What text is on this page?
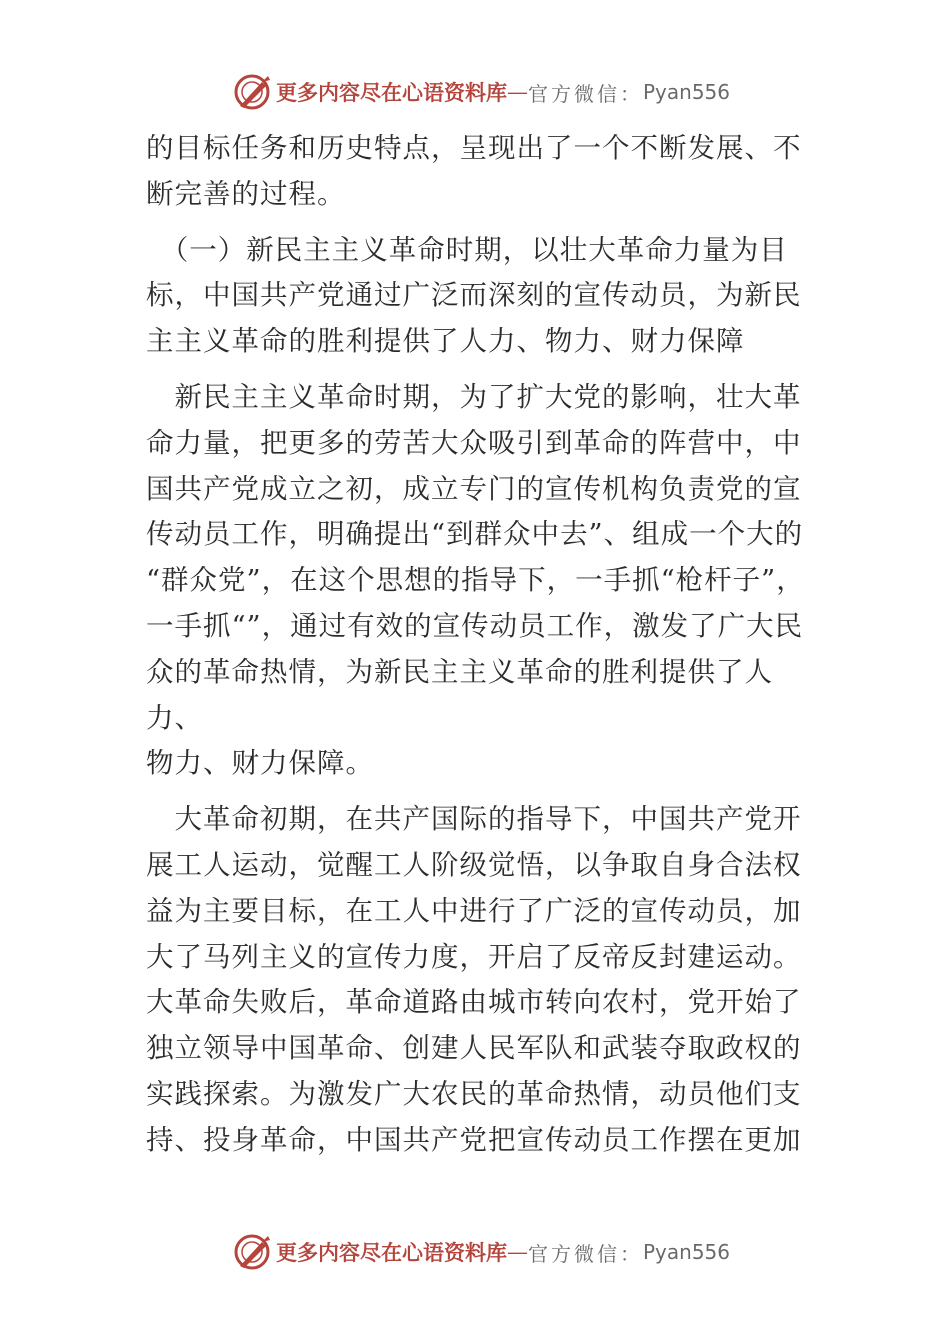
更多内容尽在心语资料库 — 官方微信： Pyan556

的目标任务和历史特点，呈现出了一个不断发展、不
断完善的过程。

　（一）新民主主义革命时期，以壮大革命力量为目
标，中国共产党通过广泛而深刻的宣传动员，为新民
主主义革命的胜利提供了人力、物力、财力保障

　新民主主义革命时期，为了扩大党的影响，壮大革
命力量，把更多的劳苦大众吸引到革命的阵营中，中
国共产党成立之初，成立专门的宣传机构负责党的宣
传动员工作，明确提出“到群众中去”、组成一个大的
“群众党”，在这个思想的指导下，一手抓“枪杆子”，
一手抓“”，通过有效的宣传动员工作，激发了广大民
众的革命热情，为新民主主义革命的胜利提供了人力、
物力、财力保障。

　大革命初期，在共产国际的指导下，中国共产党开
展工人运动，觉醒工人阶级觉悟，以争取自身合法权
益为主要目标，在工人中进行了广泛的宣传动员，加
大了马列主义的宣传力度，开启了反帝反封建运动。
大革命失败后，革命道路由城市转向农村，党开始了
独立领导中国革命、创建人民军队和武装夺取政权的
实践探索。为激发广大农民的革命热情，动员他们支
持、投身革命，中国共产党把宣传动员工作摆在更加

更多内容尽在心语资料库 — 官方微信： Pyan556
